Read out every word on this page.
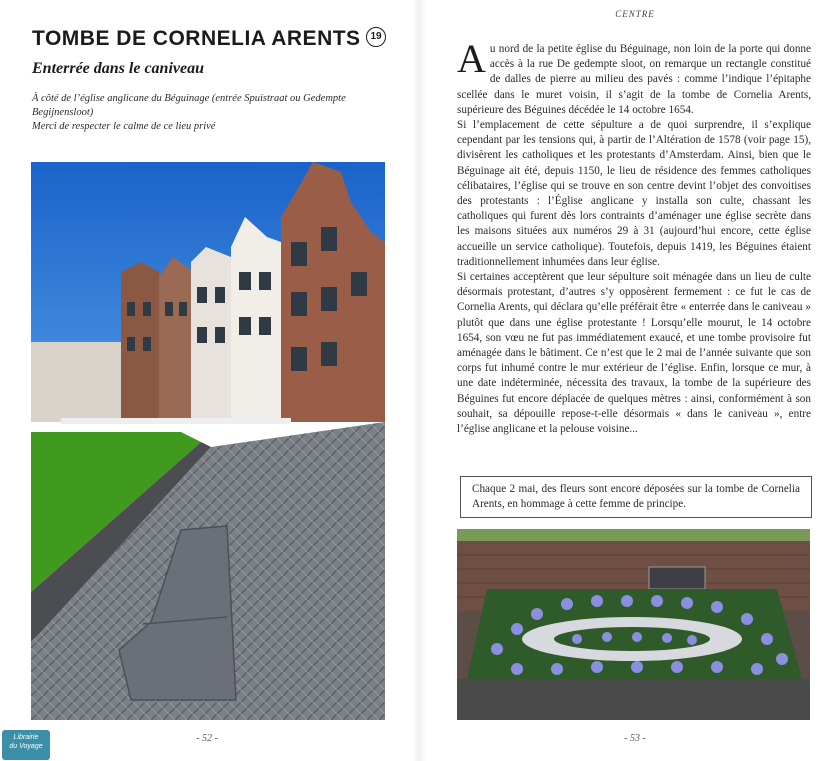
TOMBE DE CORNELIA ARENTS 19
Enterrée dans le caniveau

À côté de l’église anglicane du Béguinage (entrée Spuistraat ou Gedempte Begijnensloot)

Merci de respecter le calme de ce lieu privé

- 52 -
CENTRE

Au nord de la petite église du Béguinage, non loin de la porte qui donne accès à la rue De gedempte sloot, on remarque un rectangle constitué de dalles de pierre au milieu des pavés : comme l’indique l’épitaphe scellée dans le muret voisin, il s’agit de la tombe de Cornelia Arents, supérieure des Béguines décédée le 14 octobre 1654.

Si l’emplacement de cette sépulture a de quoi surprendre, il s’explique cependant par les tensions qui, à partir de l’Altération de 1578 (voir page 15), divisèrent les catholiques et les protestants d’Amsterdam. Ainsi, bien que le Béguinage ait été, depuis 1150, le lieu de résidence des femmes catholiques célibataires, l’église qui se trouve en son centre devint l’objet des convoitises des protestants : l’Église anglicane y installa son culte, chassant les catholiques qui furent dès lors contraints d’aménager une église secrète dans les maisons situées aux numéros 29 à 31 (aujourd’hui encore, cette église accueille un service catholique). Toutefois, depuis 1419, les Béguines étaient traditionnellement inhumées dans leur église.

Si certaines acceptèrent que leur sépulture soit ménagée dans un lieu de culte désormais protestant, d’autres s’y opposèrent fermement : ce fut le cas de Cornelia Arents, qui déclara qu’elle préférait être « enterrée dans le caniveau » plutôt que dans une église protestante ! Lorsqu’elle mourut, le 14 octobre 1654, son vœu ne fut pas immédiatement exaucé, et une tombe provisoire fut aménagée dans le bâtiment. Ce n’est que le 2 mai de l’année suivante que son corps fut inhumé contre le mur extérieur de l’église. Enfin, lorsque ce mur, à une date indéterminée, nécessita des travaux, la tombe de la supérieure des Béguines fut encore déplacée de quelques mètres : ainsi, conformément à son souhait, sa dépouille repose-t-elle désormais « dans le caniveau », entre l’église anglicane et la pelouse voisine...

Chaque 2 mai, des fleurs sont encore déposées sur la tombe de Cornelia Arents, en hommage à cette femme de principe.
- 53 -
Librairie
du Voyage
